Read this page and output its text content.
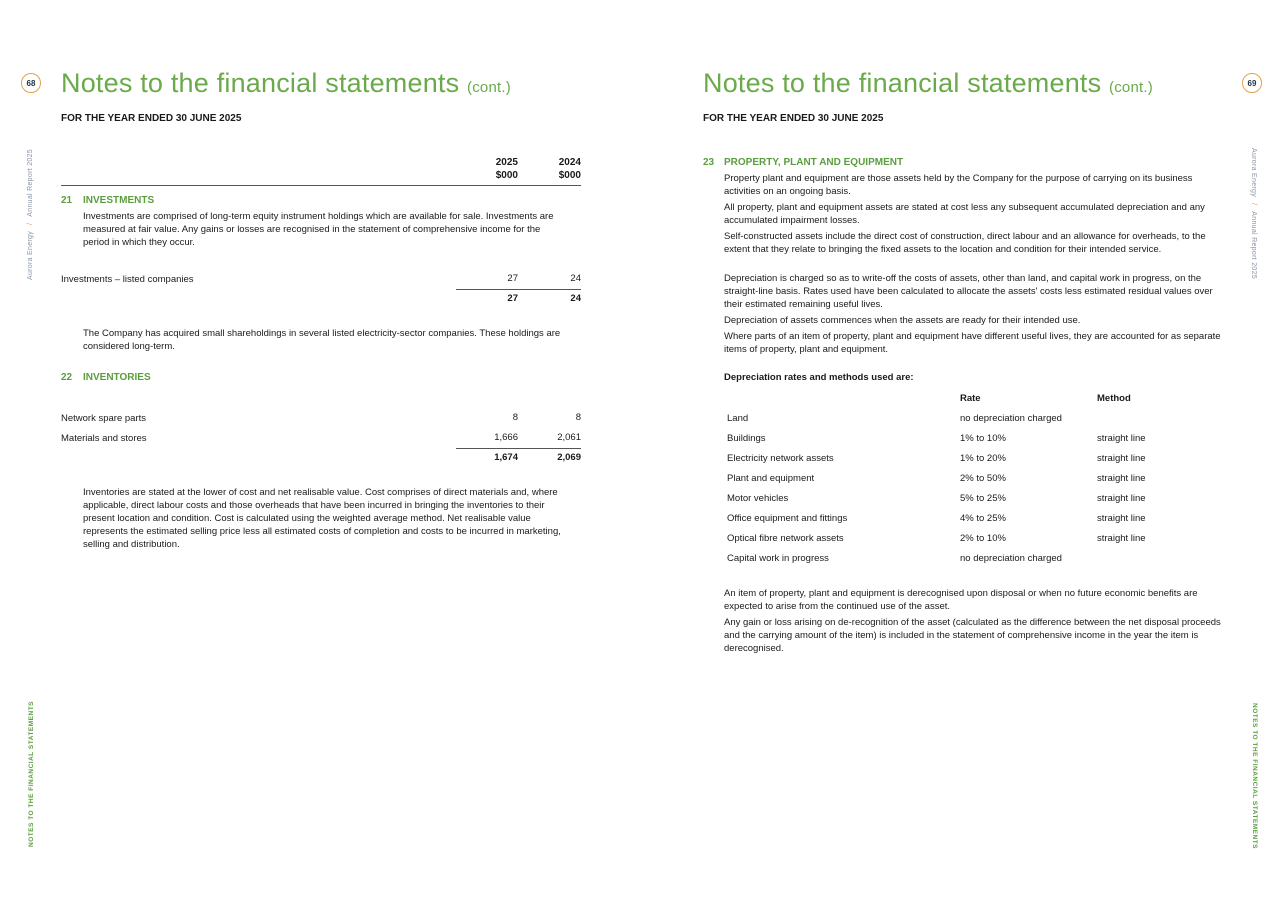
68
Aurora Energy/Annual Report 2025
NOTES TO THE FINANCIAL STATEMENTS
Notes to the financial statements (cont.)
FOR THE YEAR ENDED 30 JUNE 2025
2025	2024
$000	$000
21 INVESTMENTS
Investments are comprised of long-term equity instrument holdings which are available for sale. Investments are measured at fair value. Any gains or losses are recognised in the statement of comprehensive income for the period in which they occur.
Investments – listed companies	27	24
27	24
The Company has acquired small shareholdings in several listed electricity-sector companies. These holdings are considered long-term.
22 INVENTORIES
Network spare parts	8	8
Materials and stores	1,666	2,061
1,674	2,069
Inventories are stated at the lower of cost and net realisable value. Cost comprises of direct materials and, where applicable, direct labour costs and those overheads that have been incurred in bringing the inventories to their present location and condition. Cost is calculated using the weighted average method. Net realisable value represents the estimated selling price less all estimated costs of completion and costs to be incurred in marketing, selling and distribution.
69
Aurora Energy/Annual Report 2025
NOTES TO THE FINANCIAL STATEMENTS
Notes to the financial statements (cont.)
FOR THE YEAR ENDED 30 JUNE 2025
23 PROPERTY, PLANT AND EQUIPMENT
Property plant and equipment are those assets held by the Company for the purpose of carrying on its business activities on an ongoing basis.
All property, plant and equipment assets are stated at cost less any subsequent accumulated depreciation and any accumulated impairment losses.
Self-constructed assets include the direct cost of construction, direct labour and an allowance for overheads, to the extent that they relate to bringing the fixed assets to the location and condition for their intended service.
Depreciation is charged so as to write-off the costs of assets, other than land, and capital work in progress, on the straight-line basis. Rates used have been calculated to allocate the assets' costs less estimated residual values over their estimated remaining useful lives.
Depreciation of assets commences when the assets are ready for their intended use.
Where parts of an item of property, plant and equipment have different useful lives, they are accounted for as separate items of property, plant and equipment.
Depreciation rates and methods used are:
Rate	Method
Land	no depreciation charged
Buildings	1% to 10%	straight line
Electricity network assets	1% to 20%	straight line
Plant and equipment	2% to 50%	straight line
Motor vehicles	5% to 25%	straight line
Office equipment and fittings	4% to 25%	straight line
Optical fibre network assets	2% to 10%	straight line
Capital work in progress	no depreciation charged
An item of property, plant and equipment is derecognised upon disposal or when no future economic benefits are expected to arise from the continued use of the asset.
Any gain or loss arising on de-recognition of the asset (calculated as the difference between the net disposal proceeds and the carrying amount of the item) is included in the statement of comprehensive income in the year the item is derecognised.
